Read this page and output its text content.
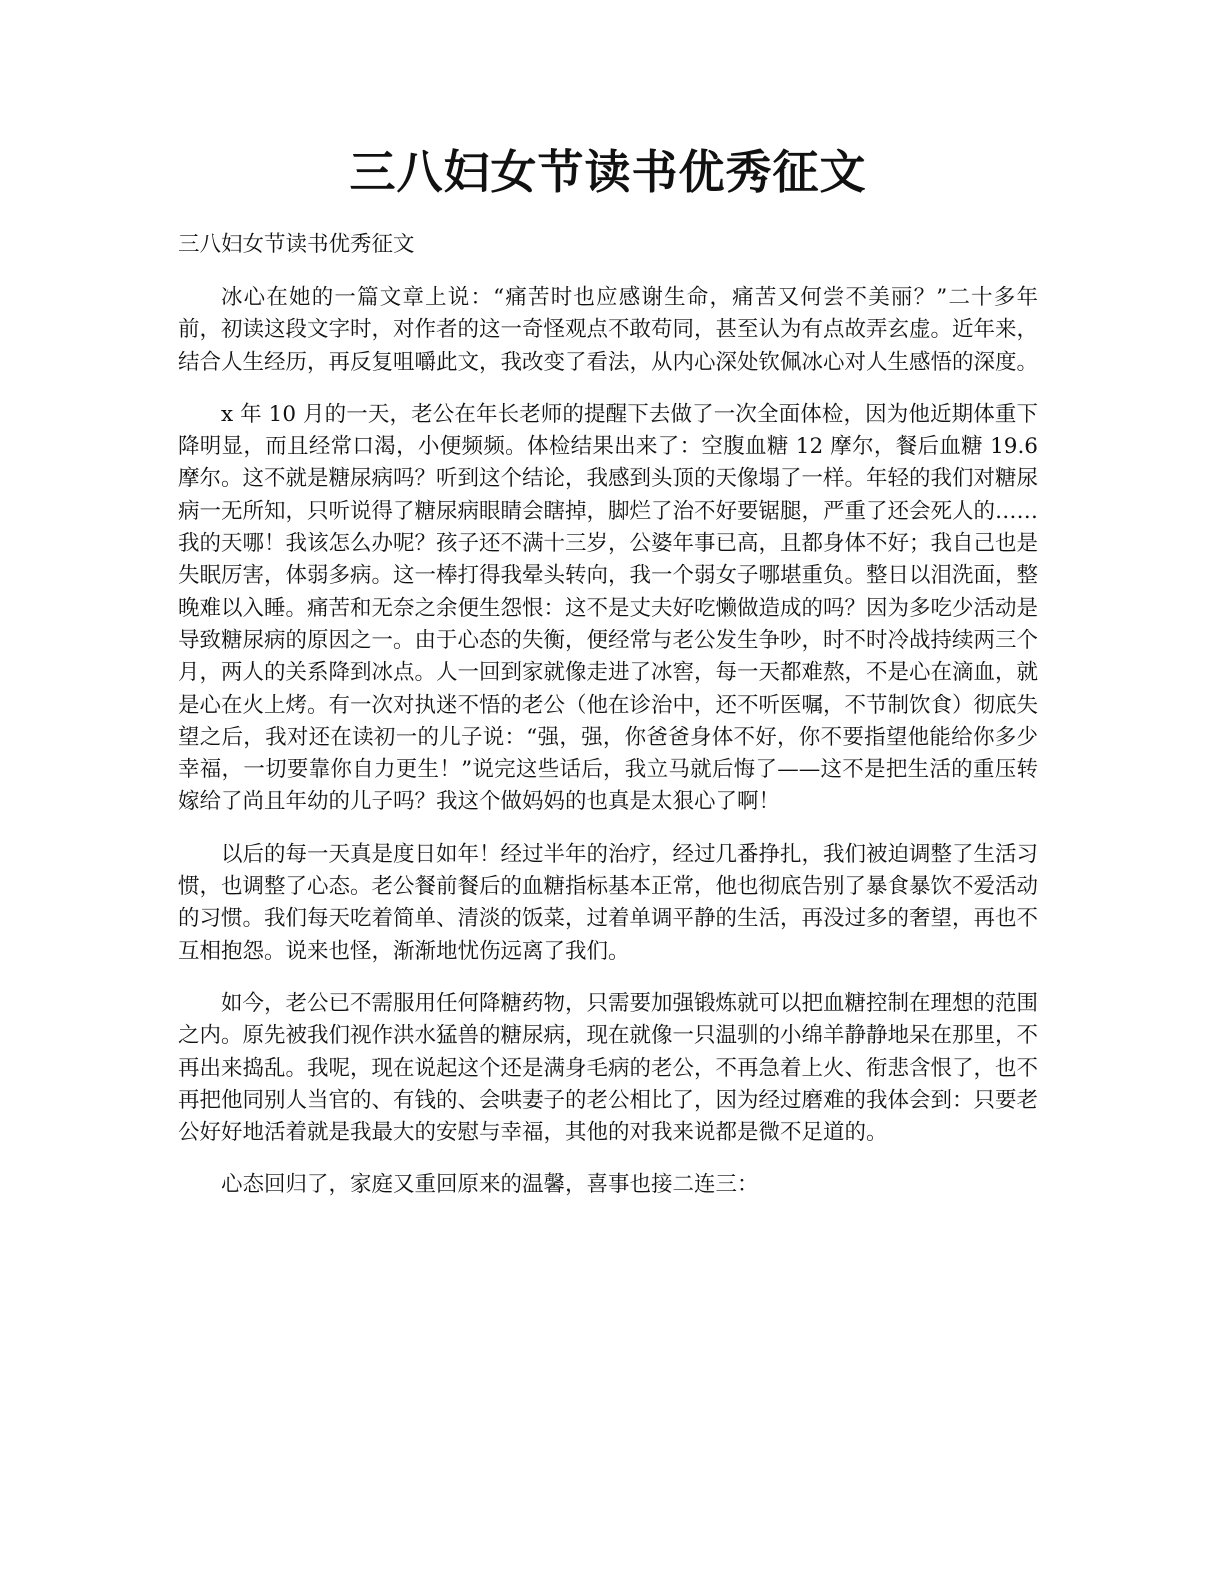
三八妇女节读书优秀征文

三八妇女节读书优秀征文

冰心在她的一篇文章上说：“痛苦时也应感谢生命，痛苦又何尝不美丽？”二十多年前，初读这段文字时，对作者的这一奇怪观点不敢苟同，甚至认为有点故弄玄虚。近年来，结合人生经历，再反复咀嚼此文，我改变了看法，从内心深处钦佩冰心对人生感悟的深度。

x 年 10 月的一天，老公在年长老师的提醒下去做了一次全面体检，因为他近期体重下降明显，而且经常口渴，小便频频。体检结果出来了：空腹血糖 12 摩尔，餐后血糖 19.6 摩尔。这不就是糖尿病吗？听到这个结论，我感到头顶的天像塌了一样。年轻的我们对糖尿病一无所知，只听说得了糖尿病眼睛会瞎掉，脚烂了治不好要锯腿，严重了还会死人的……我的天哪！我该怎么办呢？孩子还不满十三岁，公婆年事已高，且都身体不好；我自己也是失眠厉害，体弱多病。这一棒打得我晕头转向，我一个弱女子哪堪重负。整日以泪洗面，整晚难以入睡。痛苦和无奈之余便生怨恨：这不是丈夫好吃懒做造成的吗？因为多吃少活动是导致糖尿病的原因之一。由于心态的失衡，便经常与老公发生争吵，时不时冷战持续两三个月，两人的关系降到冰点。人一回到家就像走进了冰窖，每一天都难熬，不是心在滴血，就是心在火上烤。有一次对执迷不悟的老公（他在诊治中，还不听医嘱，不节制饮食）彻底失望之后，我对还在读初一的儿子说：“强，强，你爸爸身体不好，你不要指望他能给你多少幸福，一切要靠你自力更生！”说完这些话后，我立马就后悔了——这不是把生活的重压转嫁给了尚且年幼的儿子吗？我这个做妈妈的也真是太狠心了啊！

以后的每一天真是度日如年！经过半年的治疗，经过几番挣扎，我们被迫调整了生活习惯，也调整了心态。老公餐前餐后的血糖指标基本正常，他也彻底告别了暴食暴饮不爱活动的习惯。我们每天吃着简单、清淡的饭菜，过着单调平静的生活，再没过多的奢望，再也不互相抱怨。说来也怪，渐渐地忧伤远离了我们。

如今，老公已不需服用任何降糖药物，只需要加强锻炼就可以把血糖控制在理想的范围之内。原先被我们视作洪水猛兽的糖尿病，现在就像一只温驯的小绵羊静静地呆在那里，不再出来捣乱。我呢，现在说起这个还是满身毛病的老公，不再急着上火、衔悲含恨了，也不再把他同别人当官的、有钱的、会哄妻子的老公相比了，因为经过磨难的我体会到：只要老公好好地活着就是我最大的安慰与幸福，其他的对我来说都是微不足道的。

心态回归了，家庭又重回原来的温馨，喜事也接二连三：
